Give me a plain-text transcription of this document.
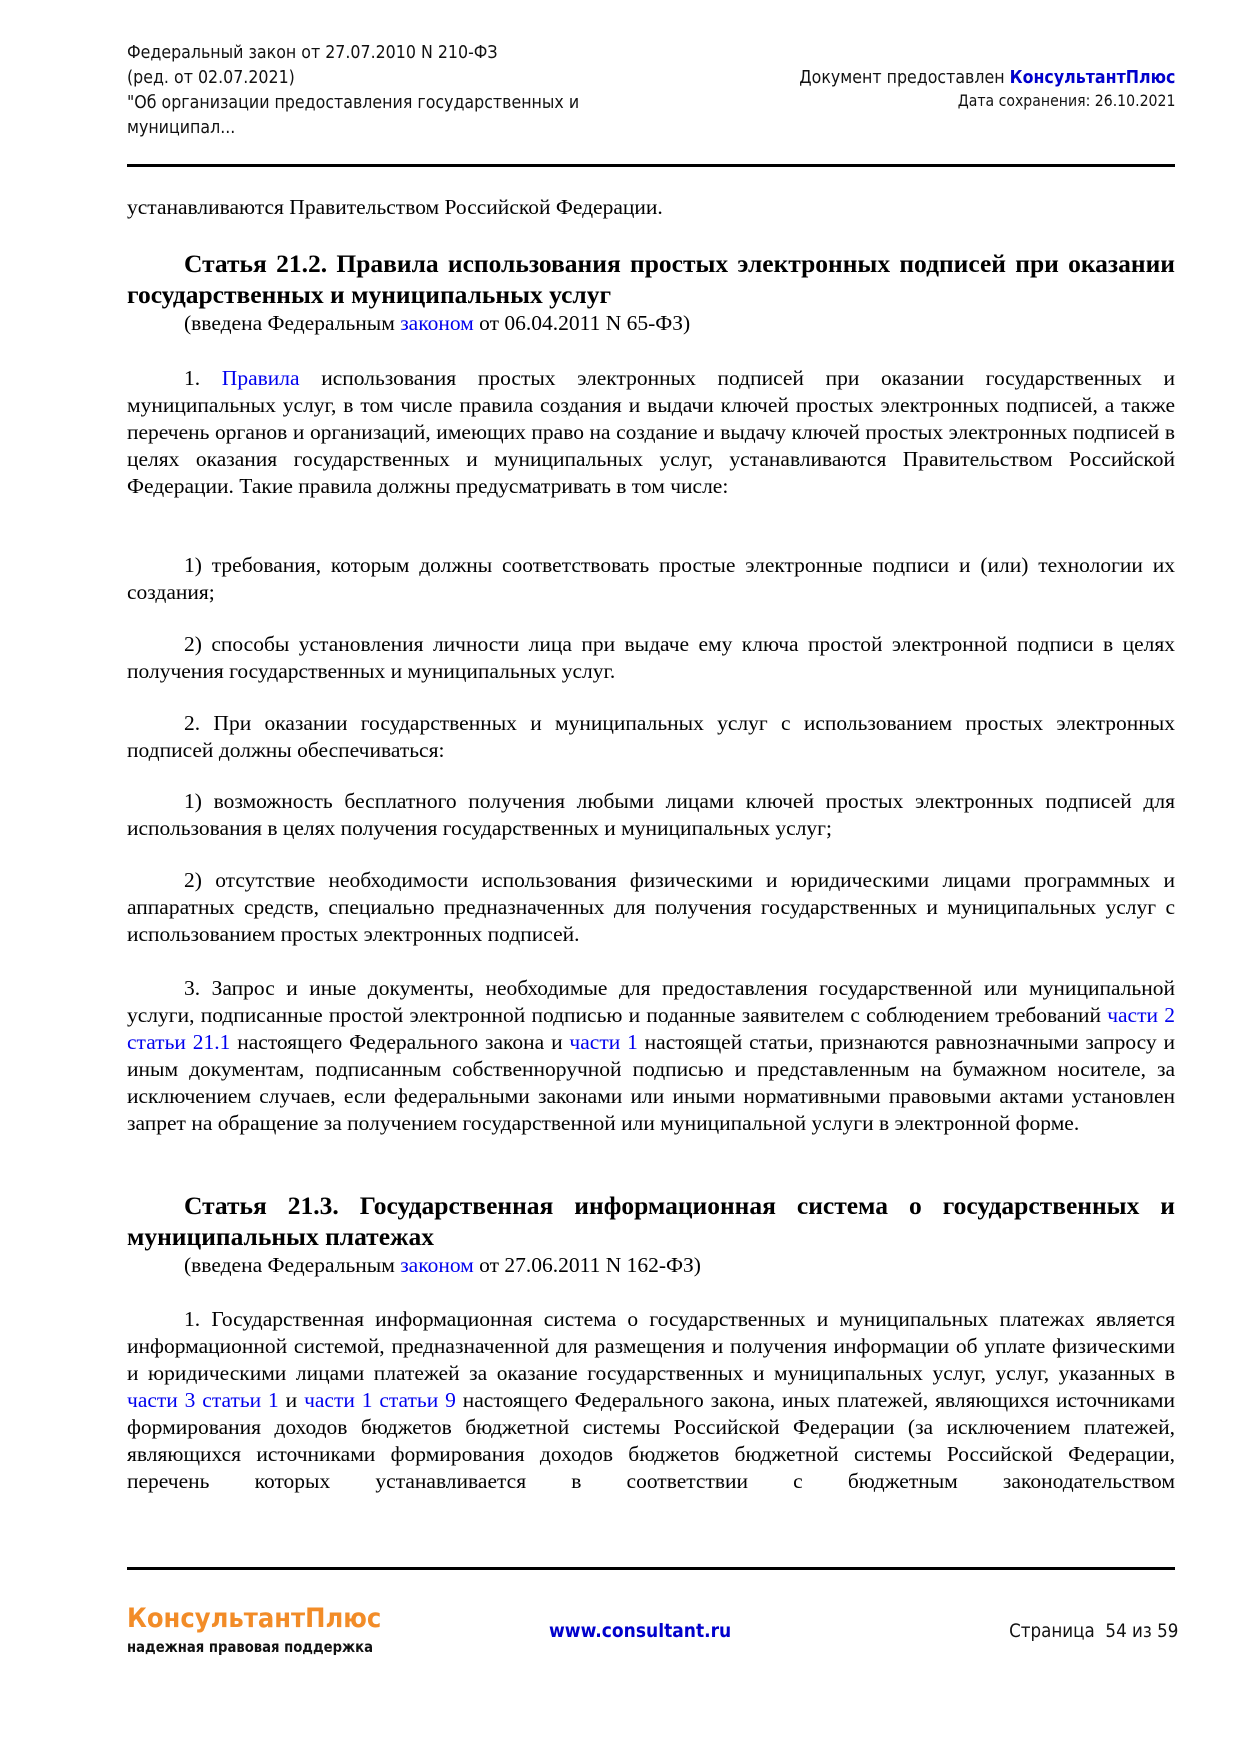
Федеральный закон от 27.07.2010 N 210-ФЗ
(ред. от 02.07.2021)
"Об организации предоставления государственных и
муниципал...
Документ предоставлен КонсультантПлюс
Дата сохранения: 26.10.2021
устанавливаются Правительством Российской Федерации.
Статья 21.2. Правила использования простых электронных подписей при оказании государственных и муниципальных услуг
(введена Федеральным законом от 06.04.2011 N 65-ФЗ)
1. Правила использования простых электронных подписей при оказании государственных и муниципальных услуг, в том числе правила создания и выдачи ключей простых электронных подписей, а также перечень органов и организаций, имеющих право на создание и выдачу ключей простых электронных подписей в целях оказания государственных и муниципальных услуг, устанавливаются Правительством Российской Федерации. Такие правила должны предусматривать в том числе:
1) требования, которым должны соответствовать простые электронные подписи и (или) технологии их создания;
2) способы установления личности лица при выдаче ему ключа простой электронной подписи в целях получения государственных и муниципальных услуг.
2. При оказании государственных и муниципальных услуг с использованием простых электронных подписей должны обеспечиваться:
1) возможность бесплатного получения любыми лицами ключей простых электронных подписей для использования в целях получения государственных и муниципальных услуг;
2) отсутствие необходимости использования физическими и юридическими лицами программных и аппаратных средств, специально предназначенных для получения государственных и муниципальных услуг с использованием простых электронных подписей.
3. Запрос и иные документы, необходимые для предоставления государственной или муниципальной услуги, подписанные простой электронной подписью и поданные заявителем с соблюдением требований части 2 статьи 21.1 настоящего Федерального закона и части 1 настоящей статьи, признаются равнозначными запросу и иным документам, подписанным собственноручной подписью и представленным на бумажном носителе, за исключением случаев, если федеральными законами или иными нормативными правовыми актами установлен запрет на обращение за получением государственной или муниципальной услуги в электронной форме.
Статья 21.3. Государственная информационная система о государственных и муниципальных платежах
(введена Федеральным законом от 27.06.2011 N 162-ФЗ)
1. Государственная информационная система о государственных и муниципальных платежах является информационной системой, предназначенной для размещения и получения информации об уплате физическими и юридическими лицами платежей за оказание государственных и муниципальных услуг, услуг, указанных в части 3 статьи 1 и части 1 статьи 9 настоящего Федерального закона, иных платежей, являющихся источниками формирования доходов бюджетов бюджетной системы Российской Федерации (за исключением платежей, являющихся источниками формирования доходов бюджетов бюджетной системы Российской Федерации, перечень которых устанавливается в соответствии с бюджетным законодательством
КонсультантПлюс
надежная правовая поддержка
www.consultant.ru	Страница 54 из 59
